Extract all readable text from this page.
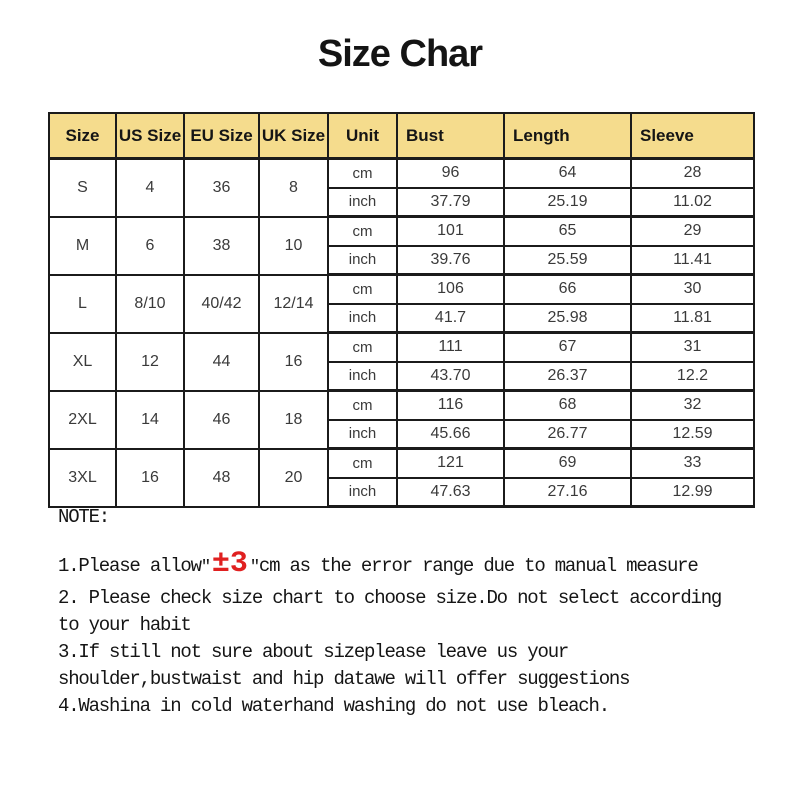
Size Char
Size	US Size	EU Size	UK Size	Unit	Bust	Length	Sleeve
S	4	36	8	cm	96	64	28
				inch	37.79	25.19	11.02
M	6	38	10	cm	101	65	29
				inch	39.76	25.59	11.41
L	8/10	40/42	12/14	cm	106	66	30
				inch	41.7	25.98	11.81
XL	12	44	16	cm	111	67	31
				inch	43.70	26.37	12.2
2XL	14	46	18	cm	116	68	32
				inch	45.66	26.77	12.59
3XL	16	48	20	cm	121	69	33
				inch	47.63	27.16	12.99
NOTE:
1.Please allow″±3 ″cm as the error range due to manual measure
2. Please check size chart to choose size.Do not select according
to your habit
3.If still not sure about sizeplease leave us your
shoulder,bustwaist and hip datawe will offer suggestions
4.Washina in cold waterhand washing do not use bleach.
